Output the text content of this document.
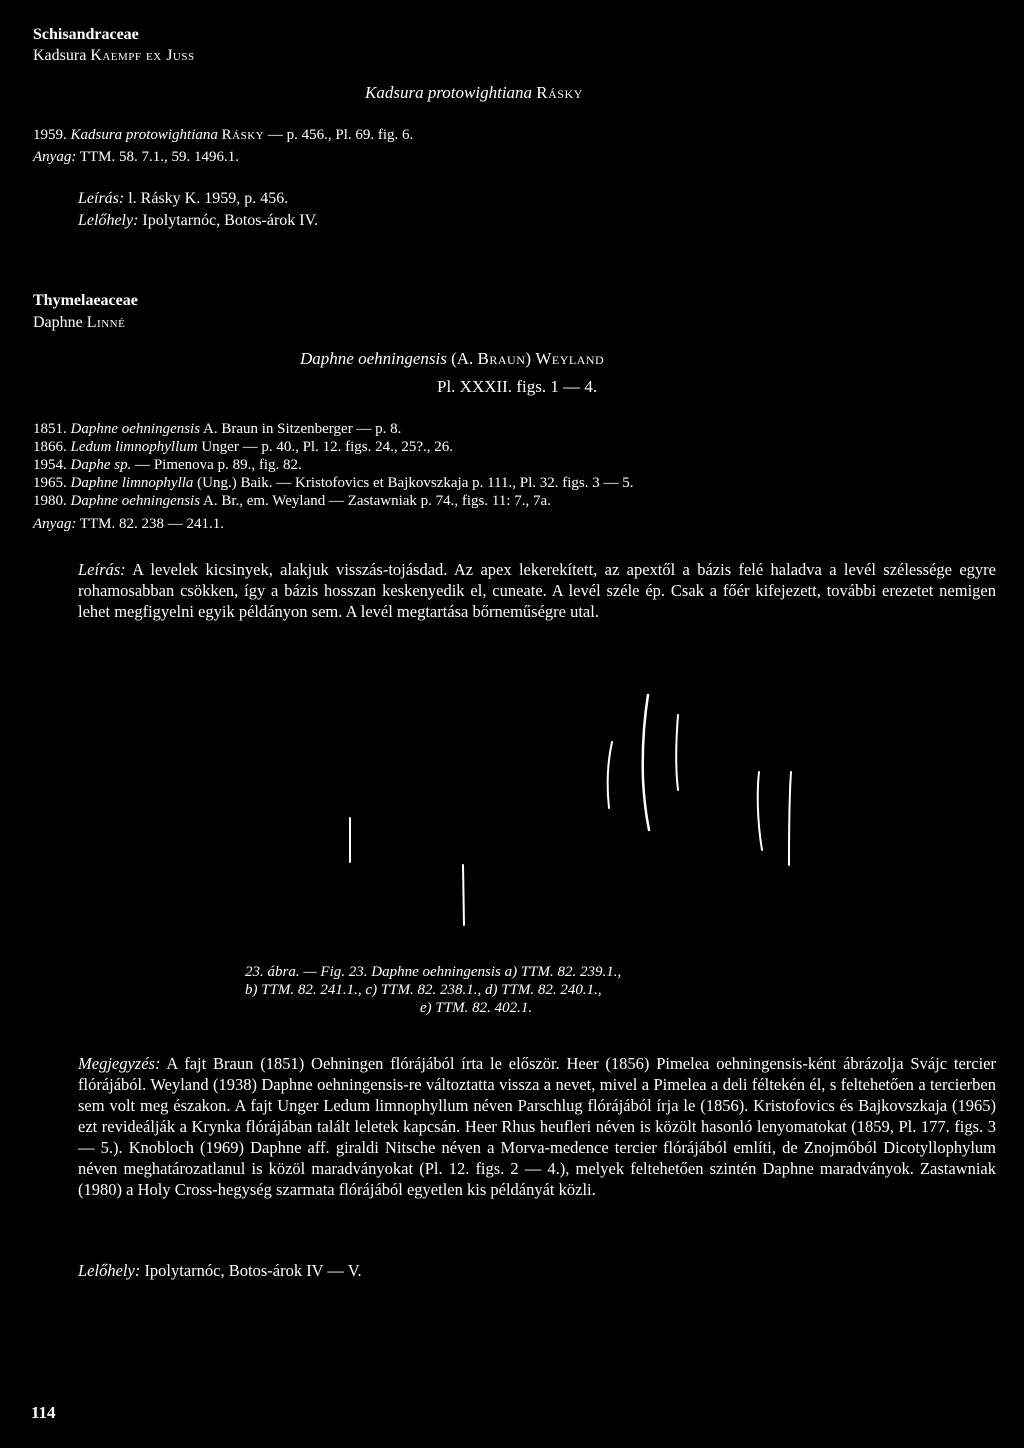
Schisandraceae
Kadsura Kaempf ex Juss
Kadsura protowightiana Rásky
1959. Kadsura protowightiana Rásky — p. 456., Pl. 69. fig. 6.
Anyag: TTM. 58. 7.1., 59. 1496.1.
Leírás: l. Rásky K. 1959, p. 456.
Lelőhely: Ipolytarnóc, Botos-árok IV.
Thymelaeaceae
Daphne Linné
Daphne oehningensis (A. Braun) Weyland
Pl. XXXII. figs. 1 — 4.
1851. Daphne oehningensis A. Braun in Sitzenberger — p. 8.
1866. Ledum limnophyllum Unger — p. 40., Pl. 12. figs. 24., 25?., 26.
1954. Daphe sp. — Pimenova p. 89., fig. 82.
1965. Daphne limnophylla (Ung.) Baik. — Kristofovics et Bajkovszkaja p. 111., Pl. 32. figs. 3 — 5.
1980. Daphne oehningensis A. Br., em. Weyland — Zastawniak p. 74., figs. 11: 7., 7a.
Anyag: TTM. 82. 238 — 241.1.
Leírás: A levelek kicsinyek, alakjuk visszás-tojásdad. Az apex lekerekített, az apextől a bázis felé haladva a levél szélessége egyre rohamosabban csökken, így a bázis hosszan keskenyedik el, cuneate. A levél széle ép. Csak a főér kifejezett, további erezetet nemigen lehet megfigyelni egyik példányon sem. A levél megtartása bőrneműségre utal.
23. ábra. — Fig. 23. Daphne oehningensis a) TTM. 82. 239.1.,
b) TTM. 82. 241.1., c) TTM. 82. 238.1., d) TTM. 82. 240.1.,
e) TTM. 82. 402.1.
Megjegyzés: A fajt Braun (1851) Oehningen flórájából írta le először. Heer (1856) Pimelea oehningensis-ként ábrázolja Svájc tercier flórájából. Weyland (1938) Daphne oehningensis-re változtatta vissza a nevet, mivel a Pimelea a deli féltekén él, s feltehetően a tercierben sem volt meg északon. A fajt Unger Ledum limnophyllum néven Parschlug flórájából írja le (1856). Kristofovics és Bajkovszkaja (1965) ezt revideálják a Krynka flórájában talált leletek kapcsán. Heer Rhus heufleri néven is közölt hasonló lenyomatokat (1859, Pl. 177. figs. 3 — 5.). Knobloch (1969) Daphne aff. giraldi Nitsche néven a Morva-medence tercier flórájából említi, de Znojmóból Dicotyllophylum néven meghatározatlanul is közöl maradványokat (Pl. 12. figs. 2 — 4.), melyek feltehetően szintén Daphne maradványok. Zastawniak (1980) a Holy Cross-hegység szarmata flórájából egyetlen kis példányát közli.
Lelőhely: Ipolytarnóc, Botos-árok IV — V.
114
